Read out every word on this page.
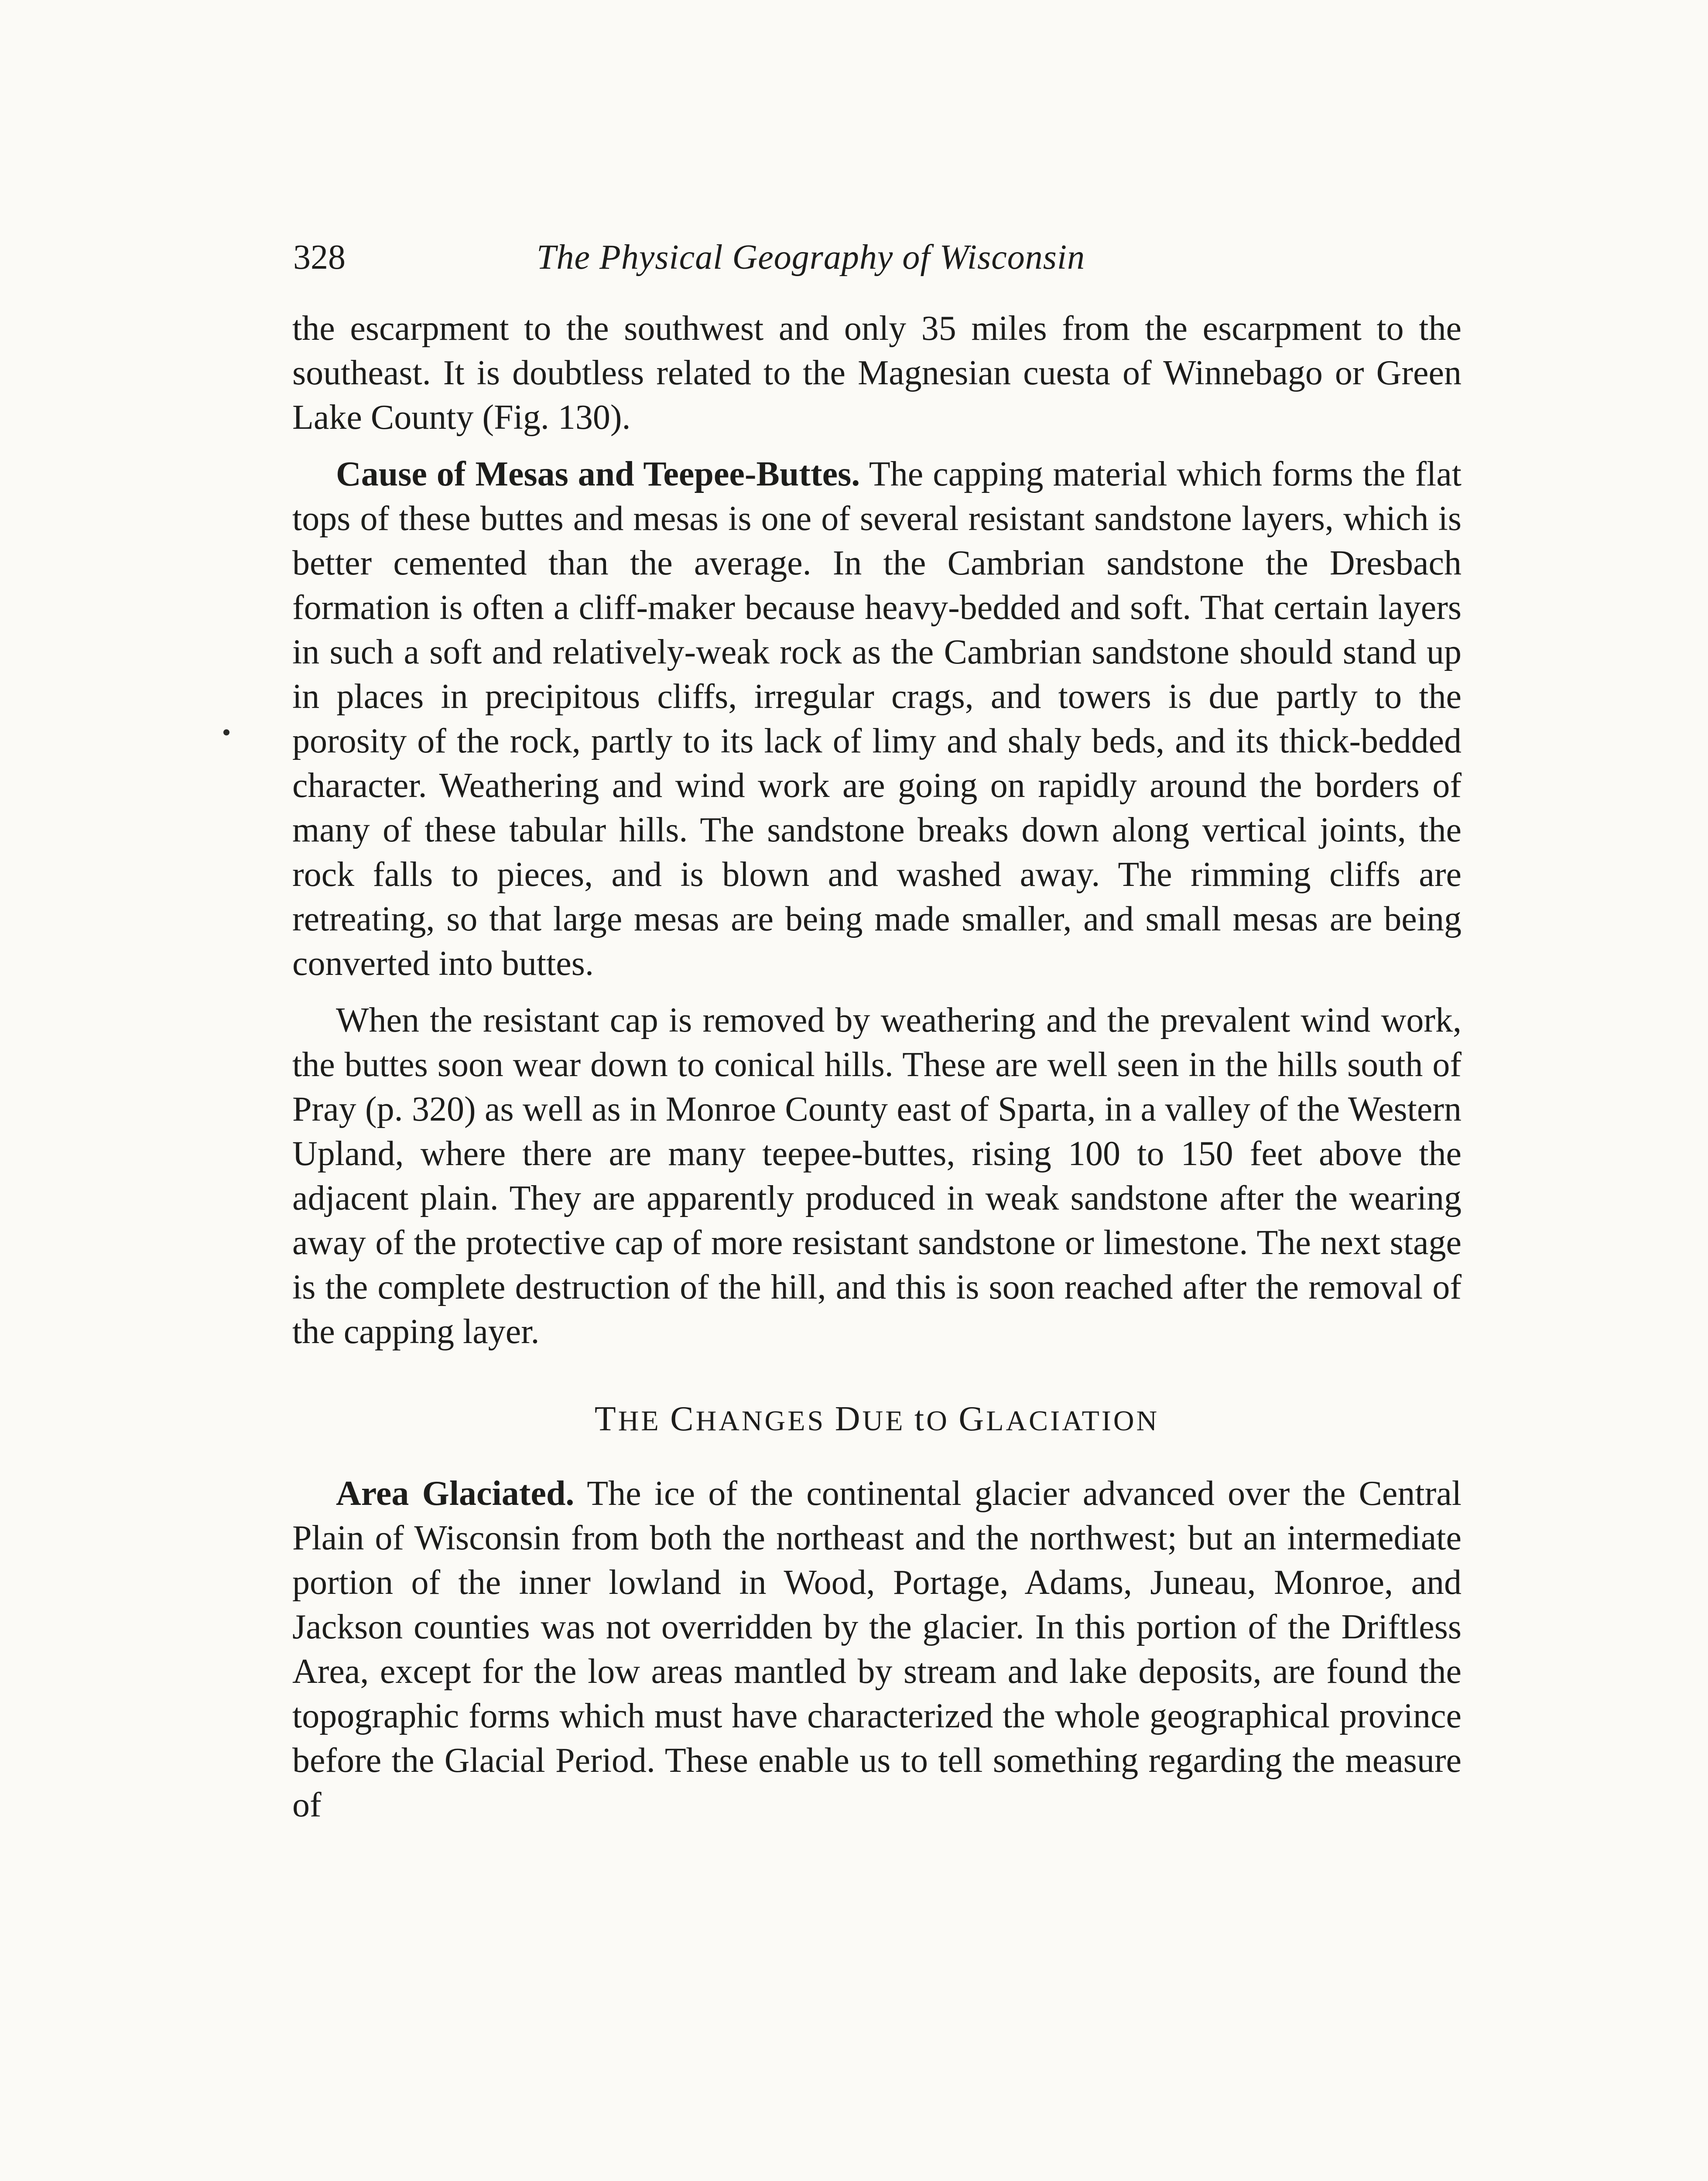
328	The Physical Geography of Wisconsin

the escarpment to the southwest and only 35 miles from the escarpment to the southeast. It is doubtless related to the Magnesian cuesta of Winnebago or Green Lake County (Fig. 130).

Cause of Mesas and Teepee-Buttes. The capping material which forms the flat tops of these buttes and mesas is one of several resistant sandstone layers, which is better cemented than the average. In the Cambrian sandstone the Dresbach formation is often a cliff-maker because heavy-bedded and soft. That certain layers in such a soft and relatively-weak rock as the Cambrian sandstone should stand up in places in precipitous cliffs, irregular crags, and towers is due partly to the porosity of the rock, partly to its lack of limy and shaly beds, and its thick-bedded character. Weathering and wind work are going on rapidly around the borders of many of these tabular hills. The sandstone breaks down along vertical joints, the rock falls to pieces, and is blown and washed away. The rimming cliffs are retreating, so that large mesas are being made smaller, and small mesas are being converted into buttes.

When the resistant cap is removed by weathering and the prevalent wind work, the buttes soon wear down to conical hills. These are well seen in the hills south of Pray (p. 320) as well as in Monroe County east of Sparta, in a valley of the Western Upland, where there are many teepee-buttes, rising 100 to 150 feet above the adjacent plain. They are apparently produced in weak sandstone after the wearing away of the protective cap of more resistant sandstone or limestone. The next stage is the complete destruction of the hill, and this is soon reached after the removal of the capping layer.

THE CHANGES DUE tO GLACIATION

Area Glaciated. The ice of the continental glacier advanced over the Central Plain of Wisconsin from both the northeast and the northwest; but an intermediate portion of the inner lowland in Wood, Portage, Adams, Juneau, Monroe, and Jackson counties was not overridden by the glacier. In this portion of the Driftless Area, except for the low areas mantled by stream and lake deposits, are found the topographic forms which must have characterized the whole geographical province before the Glacial Period. These enable us to tell something regarding the measure of
